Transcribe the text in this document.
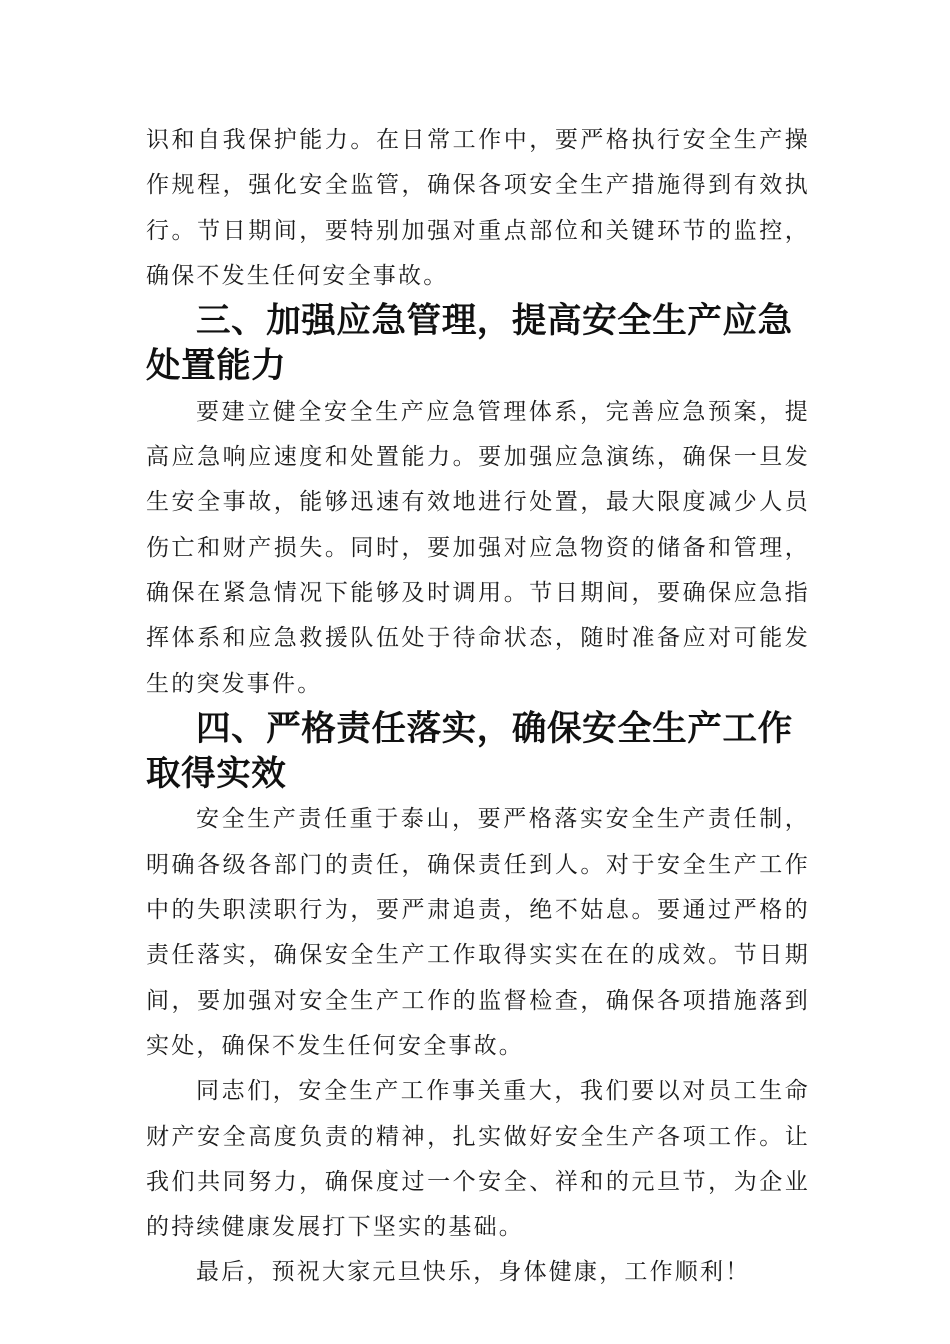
识和自我保护能力。在日常工作中，要严格执行安全生产操作规程，强化安全监管，确保各项安全生产措施得到有效执行。节日期间，要特别加强对重点部位和关键环节的监控，确保不发生任何安全事故。

三、加强应急管理，提高安全生产应急处置能力

要建立健全安全生产应急管理体系，完善应急预案，提高应急响应速度和处置能力。要加强应急演练，确保一旦发生安全事故，能够迅速有效地进行处置，最大限度减少人员伤亡和财产损失。同时，要加强对应急物资的储备和管理，确保在紧急情况下能够及时调用。节日期间，要确保应急指挥体系和应急救援队伍处于待命状态，随时准备应对可能发生的突发事件。

四、严格责任落实，确保安全生产工作取得实效

安全生产责任重于泰山，要严格落实安全生产责任制，明确各级各部门的责任，确保责任到人。对于安全生产工作中的失职渎职行为，要严肃追责，绝不姑息。要通过严格的责任落实，确保安全生产工作取得实实在在的成效。节日期间，要加强对安全生产工作的监督检查，确保各项措施落到实处，确保不发生任何安全事故。

同志们，安全生产工作事关重大，我们要以对员工生命财产安全高度负责的精神，扎实做好安全生产各项工作。让我们共同努力，确保度过一个安全、祥和的元旦节，为企业的持续健康发展打下坚实的基础。

最后，预祝大家元旦快乐，身体健康，工作顺利！
